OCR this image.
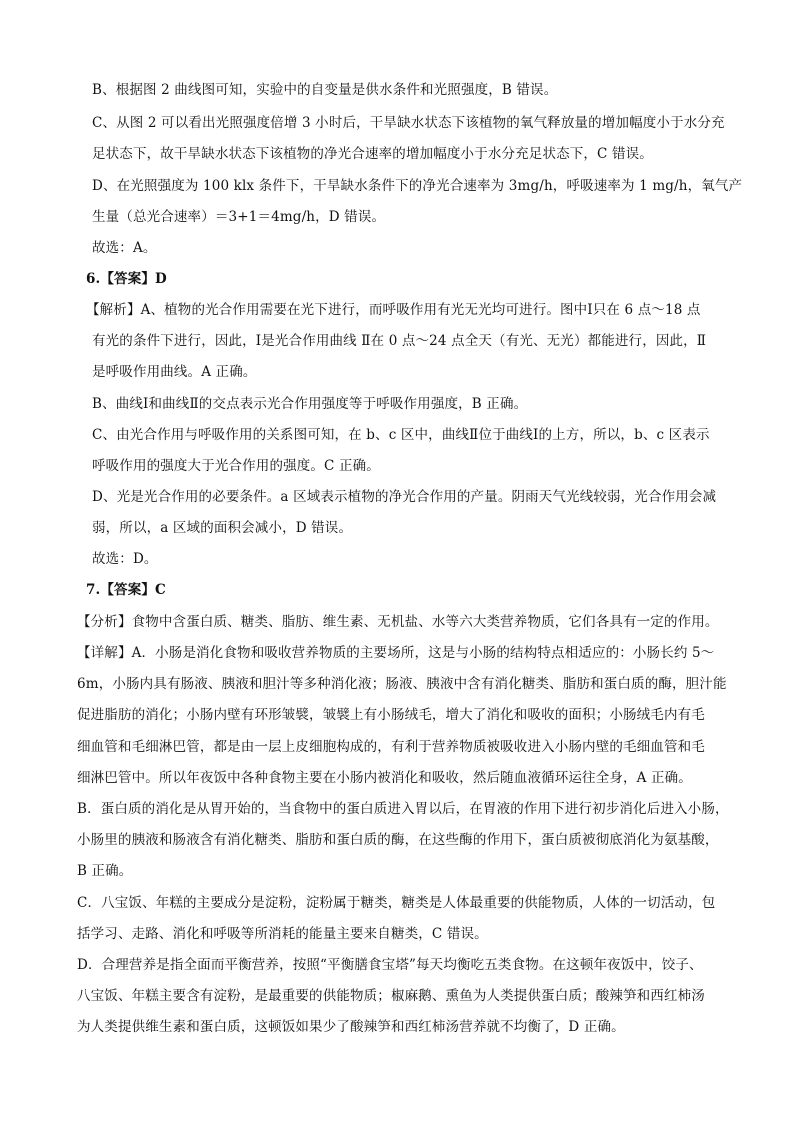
B、根据图 2 曲线图可知，实验中的自变量是供水条件和光照强度，B 错误。
C、从图 2 可以看出光照强度倍增 3 小时后，干旱缺水状态下该植物的氧气释放量的增加幅度小于水分充
足状态下，故干旱缺水状态下该植物的净光合速率的增加幅度小于水分充足状态下，C 错误。
D、在光照强度为 100 klx 条件下，干旱缺水条件下的净光合速率为 3mg/h，呼吸速率为 1 mg/h，氧气产
生量（总光合速率）＝3+1＝4mg/h，D 错误。
故选：A。
6.【答案】D
【解析】A、植物的光合作用需要在光下进行，而呼吸作用有光无光均可进行。图中Ⅰ只在 6 点～18 点
有光的条件下进行，因此，Ⅰ是光合作用曲线 Ⅱ在 0 点～24 点全天（有光、无光）都能进行，因此，Ⅱ
是呼吸作用曲线。A 正确。
B、曲线Ⅰ和曲线Ⅱ的交点表示光合作用强度等于呼吸作用强度，B 正确。
C、由光合作用与呼吸作用的关系图可知，在 b、c 区中，曲线Ⅱ位于曲线Ⅰ的上方，所以，b、c 区表示
呼吸作用的强度大于光合作用的强度。C 正确。
D、光是光合作用的必要条件。a 区域表示植物的净光合作用的产量。阴雨天气光线较弱，光合作用会减
弱，所以，a 区域的面积会减小，D 错误。
故选：D。
7.【答案】C
【分析】食物中含蛋白质、糖类、脂肪、维生素、无机盐、水等六大类营养物质，它们各具有一定的作用。
【详解】A．小肠是消化食物和吸收营养物质的主要场所，这是与小肠的结构特点相适应的：小肠长约 5～
6m，小肠内具有肠液、胰液和胆汁等多种消化液；肠液、胰液中含有消化糖类、脂肪和蛋白质的酶，胆汁能
促进脂肪的消化；小肠内壁有环形皱襞，皱襞上有小肠绒毛，增大了消化和吸收的面积；小肠绒毛内有毛
细血管和毛细淋巴管，都是由一层上皮细胞构成的，有利于营养物质被吸收进入小肠内壁的毛细血管和毛
细淋巴管中。所以年夜饭中各种食物主要在小肠内被消化和吸收，然后随血液循环运往全身，A 正确。
B．蛋白质的消化是从胃开始的，当食物中的蛋白质进入胃以后，在胃液的作用下进行初步消化后进入小肠，
小肠里的胰液和肠液含有消化糖类、脂肪和蛋白质的酶，在这些酶的作用下，蛋白质被彻底消化为氨基酸，
B 正确。
C．八宝饭、年糕的主要成分是淀粉，淀粉属于糖类，糖类是人体最重要的供能物质，人体的一切活动，包
括学习、走路、消化和呼吸等所消耗的能量主要来自糖类，C 错误。
D．合理营养是指全面而平衡营养，按照“平衡膳食宝塔”每天均衡吃五类食物。在这顿年夜饭中，饺子、
八宝饭、年糕主要含有淀粉，是最重要的供能物质；椒麻鹅、熏鱼为人类提供蛋白质；酸辣笋和西红柿汤
为人类提供维生素和蛋白质，这顿饭如果少了酸辣笋和西红柿汤营养就不均衡了，D 正确。
